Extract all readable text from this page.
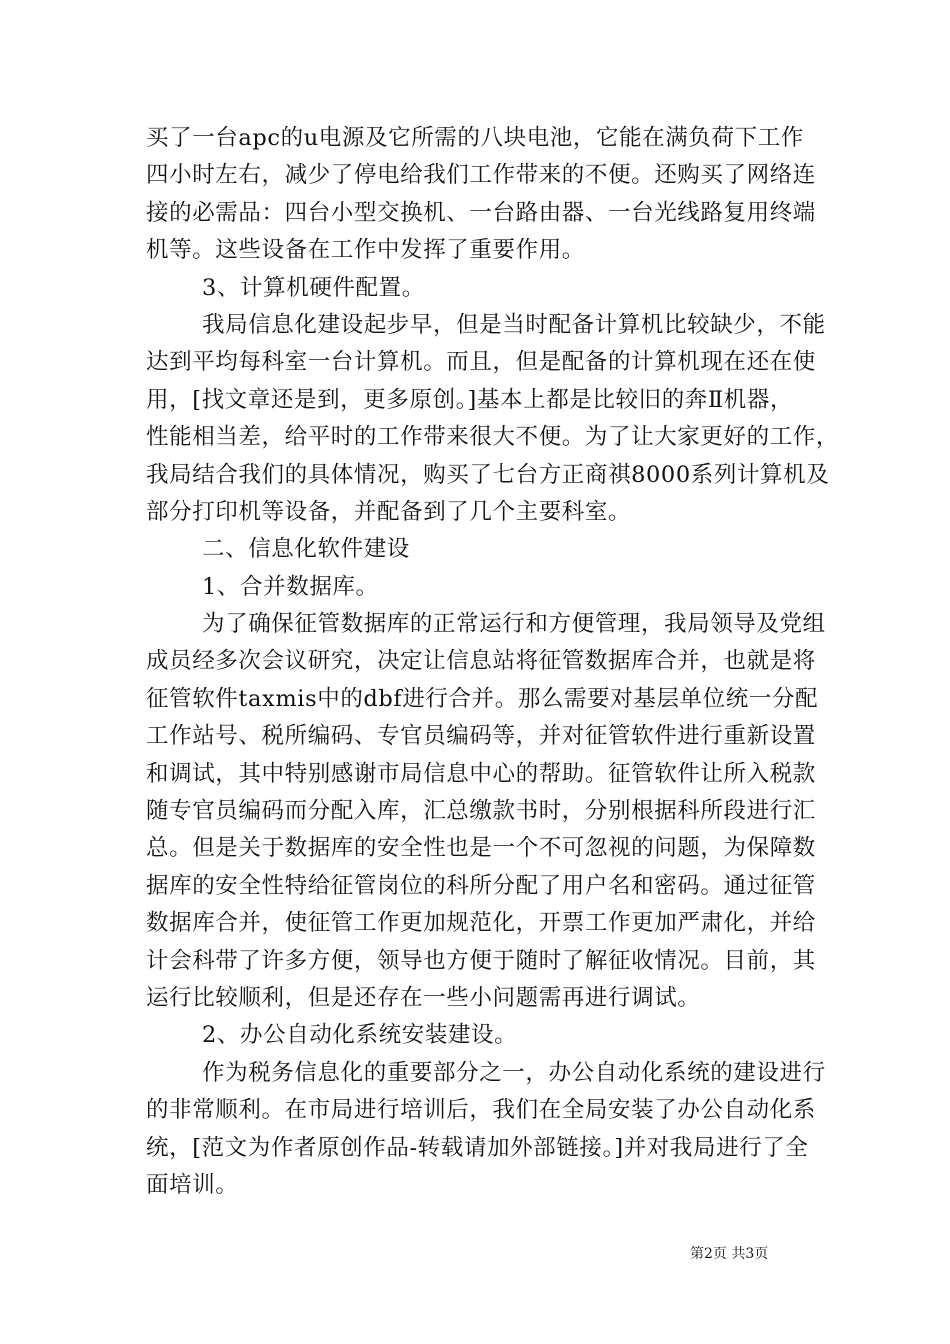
买了一台apc的u电源及它所需的八块电池，它能在满负荷下工作
四小时左右，减少了停电给我们工作带来的不便。还购买了网络连
接的必需品：四台小型交换机、一台路由器、一台光线路复用终端
机等。这些设备在工作中发挥了重要作用。
3、计算机硬件配置。
我局信息化建设起步早，但是当时配备计算机比较缺少，不能
达到平均每科室一台计算机。而且，但是配备的计算机现在还在使
用，[找文章还是到，更多原创。]基本上都是比较旧的奔Ⅱ机器，
性能相当差，给平时的工作带来很大不便。为了让大家更好的工作，
我局结合我们的具体情况，购买了七台方正商祺8000系列计算机及
部分打印机等设备，并配备到了几个主要科室。
二、信息化软件建设
1、合并数据库。
为了确保征管数据库的正常运行和方便管理，我局领导及党组
成员经多次会议研究，决定让信息站将征管数据库合并，也就是将
征管软件taxmis中的dbf进行合并。那么需要对基层单位统一分配
工作站号、税所编码、专官员编码等，并对征管软件进行重新设置
和调试，其中特别感谢市局信息中心的帮助。征管软件让所入税款
随专官员编码而分配入库，汇总缴款书时，分别根据科所段进行汇
总。但是关于数据库的安全性也是一个不可忽视的问题，为保障数
据库的安全性特给征管岗位的科所分配了用户名和密码。通过征管
数据库合并，使征管工作更加规范化，开票工作更加严肃化，并给
计会科带了许多方便，领导也方便于随时了解征收情况。目前，其
运行比较顺利，但是还存在一些小问题需再进行调试。
2、办公自动化系统安装建设。
作为税务信息化的重要部分之一，办公自动化系统的建设进行
的非常顺利。在市局进行培训后，我们在全局安装了办公自动化系
统，[范文为作者原创作品-转载请加外部链接。]并对我局进行了全
面培训。
第2页 共3页
